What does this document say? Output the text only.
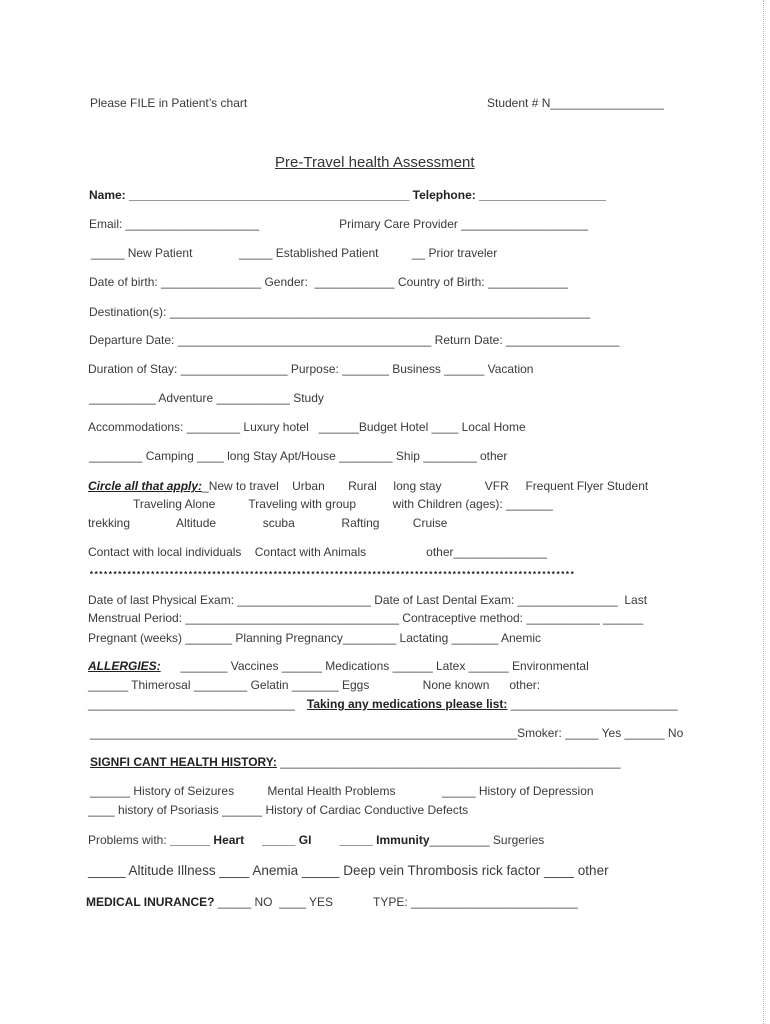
Please FILE in Patient’s chart	Student # N_________________
Pre-Travel health Assessment
Name: __________________________________________ Telephone: ___________________
Email: ____________________                        Primary Care Provider ___________________
_____ New Patient              _____ Established Patient          __ Prior traveler
Date of birth: _______________ Gender:  ____________ Country of Birth: ____________
Destination(s): _______________________________________________________________
Departure Date: ______________________________________ Return Date: _________________
Duration of Stay: ________________ Purpose: _______ Business ______ Vacation
__________ Adventure ___________ Study
Accommodations: ________ Luxury hotel   ______Budget Hotel ____ Local Home
________ Camping ____ long Stay Apt/House ________ Ship ________ other
Circle all that apply:_New to travel    Urban       Rural     long stay             VFR     Frequent Flyer Student
Traveling Alone          Traveling with group           with Children (ages): _______
trekking              Altitude              scuba              Rafting          Cruise
Contact with local individuals    Contact with Animals                  other______________
*******************************************************************************************************
Date of last Physical Exam: ____________________ Date of Last Dental Exam: _______________  Last
Menstrual Period: ________________________________ Contraceptive method: ___________ ______
Pregnant (weeks) _______ Planning Pregnancy________ Lactating _______ Anemic
ALLERGIES:      _______ Vaccines ______ Medications ______ Latex ______ Environmental
______ Thimerosal ________ Gelatin _______ Eggs                None known      other:
_______________________________ Taking any medications please list: _________________________
________________________________________________________________Smoker: _____ Yes ______ No
SIGNFI CANT HEALTH HISTORY: ___________________________________________________
______ History of Seizures          Mental Health Problems              _____ History of Depression
____ history of Psoriasis ______ History of Cardiac Conductive Defects
Problems with: ______ Heart _____ GI _____ Immunity_________ Surgeries
_____ Altitude Illness ____ Anemia _____ Deep vein Thrombosis rick factor ____ other
MEDICAL INURANCE? _____ NO  ____ YES	TYPE: _________________________
